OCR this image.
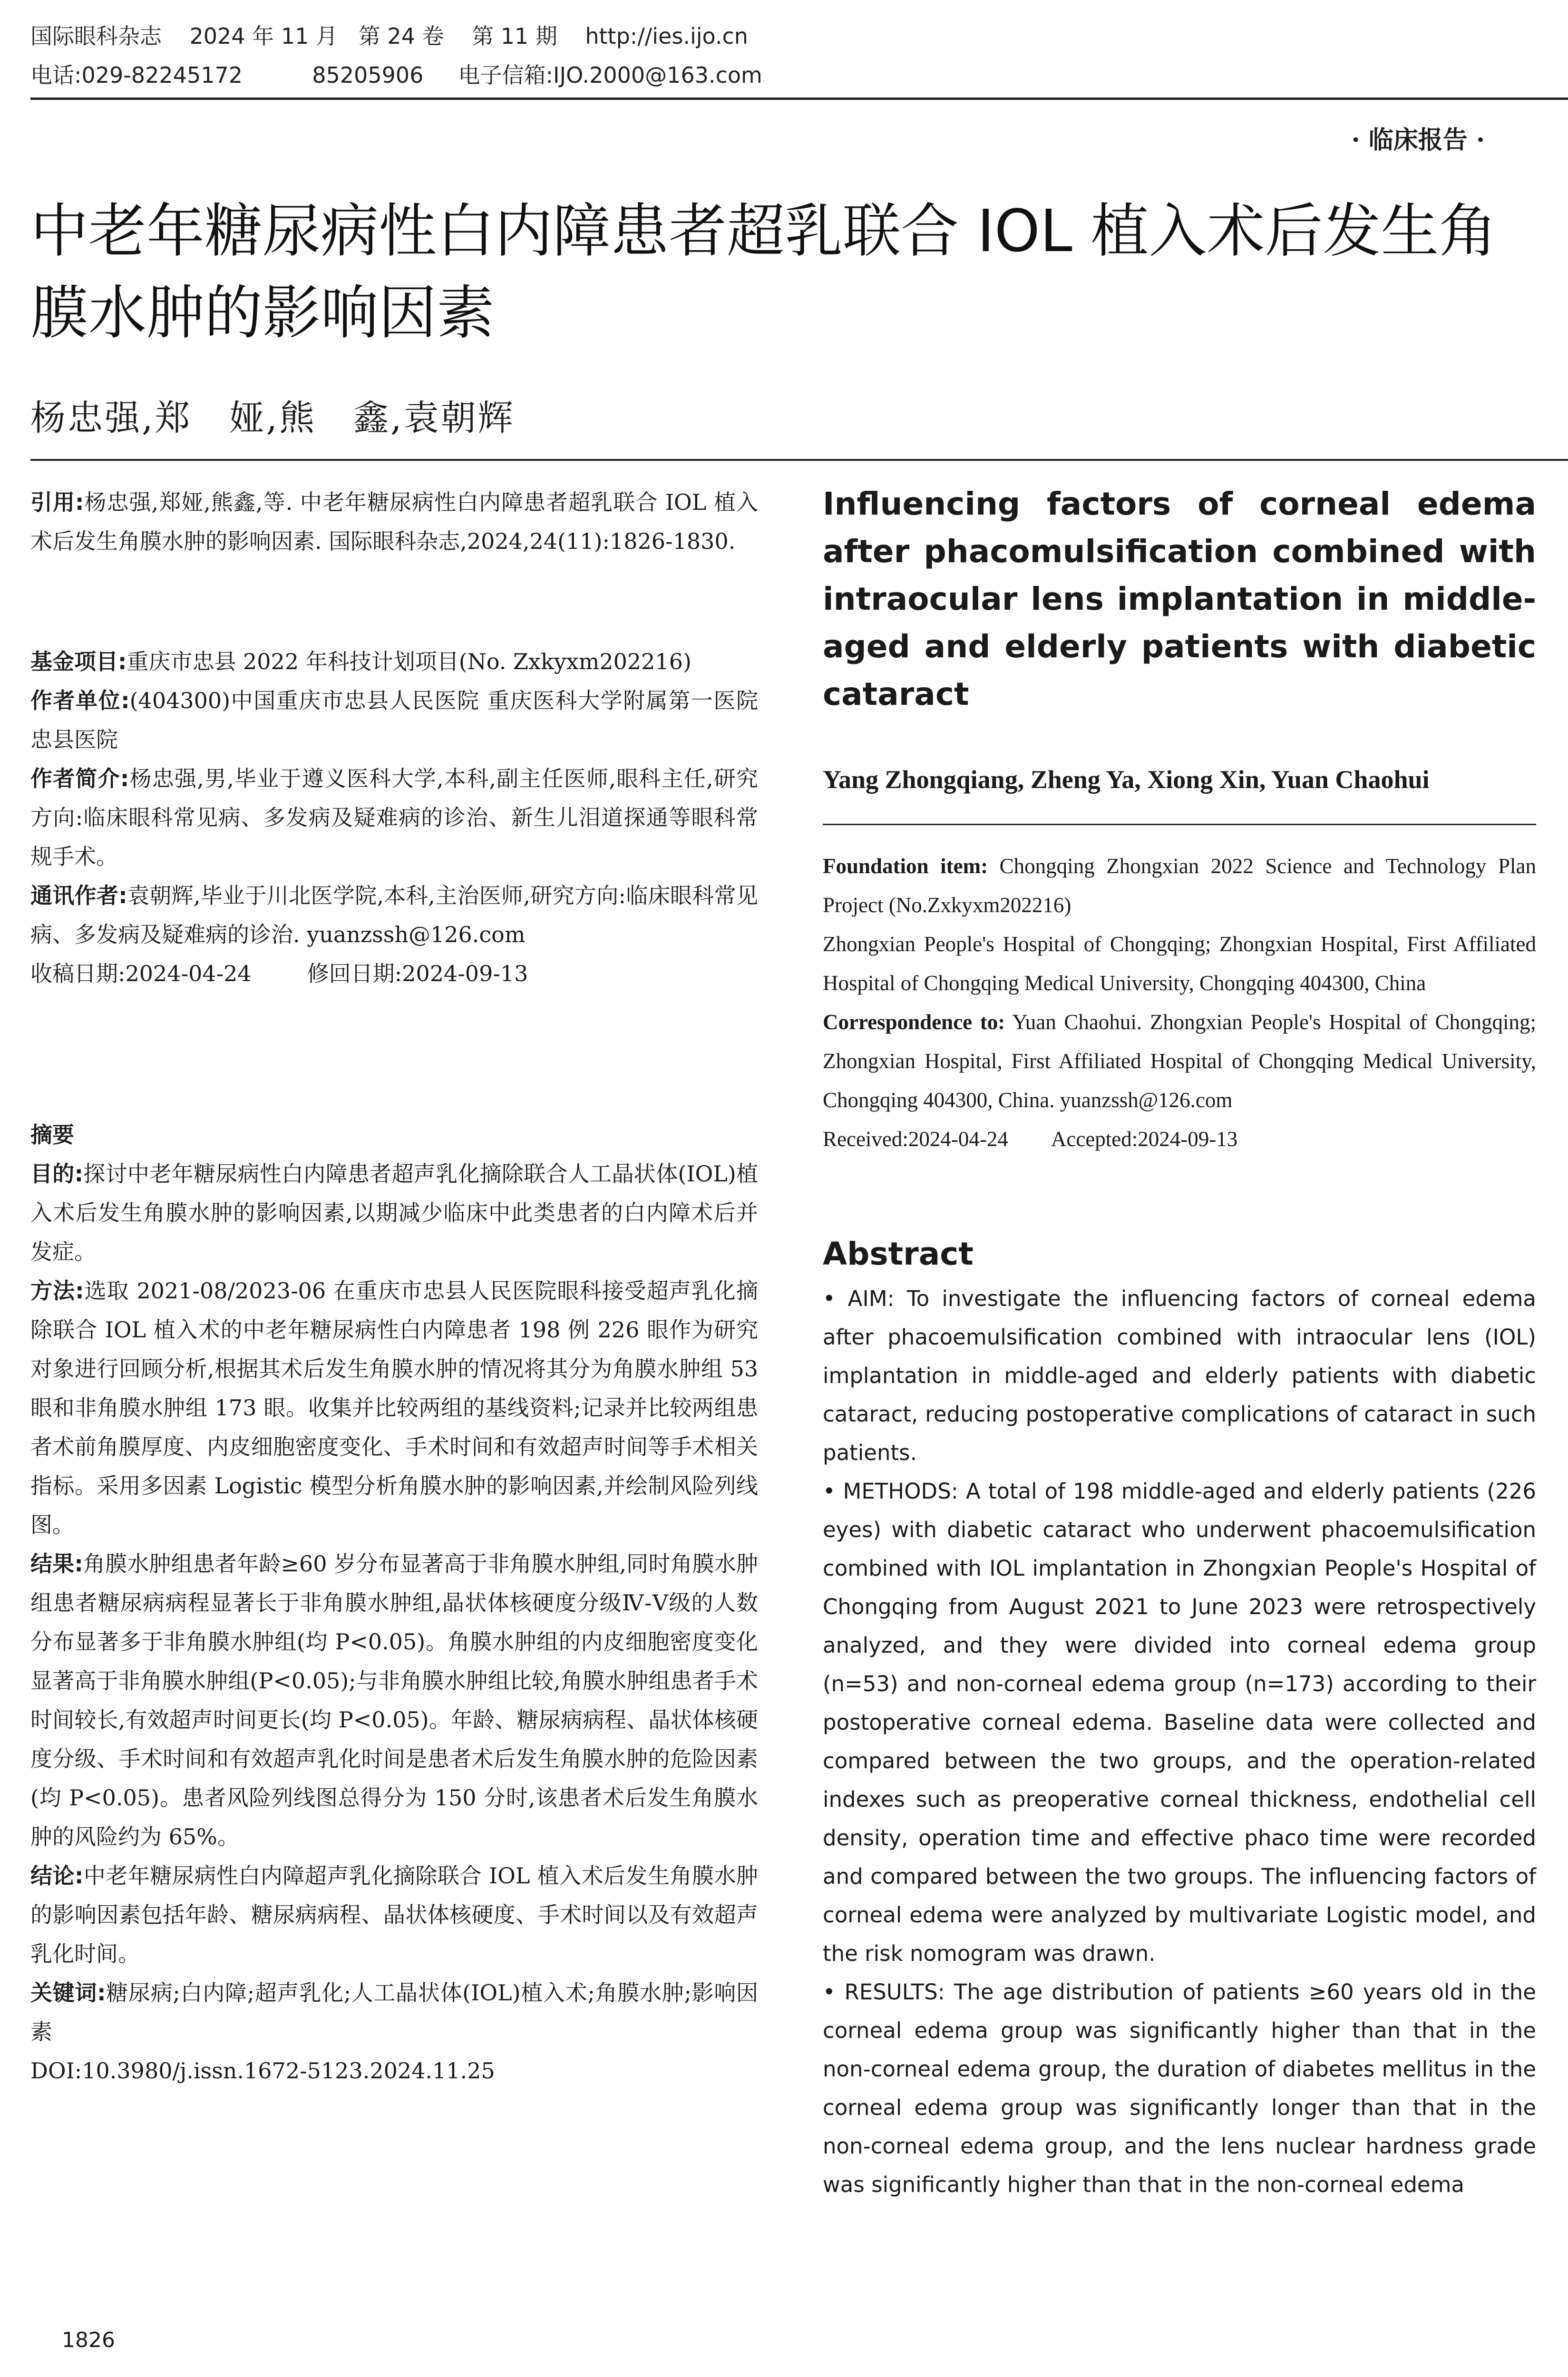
国际眼科杂志    2024 年 11 月   第 24 卷    第 11 期    http://ies.ijo.cn
电话:029-82245172          85205906     电子信箱:IJO.2000@163.com
· 临床报告 ·
中老年糖尿病性白内障患者超乳联合 IOL 植入术后发生角膜水肿的影响因素
杨忠强,郑　娅,熊　鑫,袁朝辉

引用:杨忠强,郑娅,熊鑫,等. 中老年糖尿病性白内障患者超乳联合 IOL 植入术后发生角膜水肿的影响因素. 国际眼科杂志,2024,24(11):1826-1830.

基金项目:重庆市忠县 2022 年科技计划项目(No. Zxkyxm202216)

作者单位:(404300)中国重庆市忠县人民医院 重庆医科大学附属第一医院忠县医院

作者简介:杨忠强,男,毕业于遵义医科大学,本科,副主任医师,眼科主任,研究方向:临床眼科常见病、多发病及疑难病的诊治、新生儿泪道探通等眼科常规手术。

通讯作者:袁朝辉,毕业于川北医学院,本科,主治医师,研究方向:临床眼科常见病、多发病及疑难病的诊治. yuanzssh@126.com

收稿日期:2024-04-24	修回日期:2024-09-13

摘要

目的:探讨中老年糖尿病性白内障患者超声乳化摘除联合人工晶状体(IOL)植入术后发生角膜水肿的影响因素,以期减少临床中此类患者的白内障术后并发症。

方法:选取 2021-08/2023-06 在重庆市忠县人民医院眼科接受超声乳化摘除联合 IOL 植入术的中老年糖尿病性白内障患者 198 例 226 眼作为研究对象进行回顾分析,根据其术后发生角膜水肿的情况将其分为角膜水肿组 53 眼和非角膜水肿组 173 眼。收集并比较两组的基线资料;记录并比较两组患者术前角膜厚度、内皮细胞密度变化、手术时间和有效超声时间等手术相关指标。采用多因素 Logistic 模型分析角膜水肿的影响因素,并绘制风险列线图。

结果:角膜水肿组患者年龄≥60 岁分布显著高于非角膜水肿组,同时角膜水肿组患者糖尿病病程显著长于非角膜水肿组,晶状体核硬度分级Ⅳ-Ⅴ级的人数分布显著多于非角膜水肿组(均 P<0.05)。角膜水肿组的内皮细胞密度变化显著高于非角膜水肿组(P<0.05);与非角膜水肿组比较,角膜水肿组患者手术时间较长,有效超声时间更长(均 P<0.05)。年龄、糖尿病病程、晶状体核硬度分级、手术时间和有效超声乳化时间是患者术后发生角膜水肿的危险因素(均 P<0.05)。患者风险列线图总得分为 150 分时,该患者术后发生角膜水肿的风险约为 65%。

结论:中老年糖尿病性白内障超声乳化摘除联合 IOL 植入术后发生角膜水肿的影响因素包括年龄、糖尿病病程、晶状体核硬度、手术时间以及有效超声乳化时间。

关键词:糖尿病;白内障;超声乳化;人工晶状体(IOL)植入术;角膜水肿;影响因素

DOI:10.3980/j.issn.1672-5123.2024.11.25

Influencing factors of corneal edema after phacomulsification combined with intraocular lens implantation in middle-aged and elderly patients with diabetic cataract

Yang Zhongqiang, Zheng Ya, Xiong Xin, Yuan Chaohui

Foundation item: Chongqing Zhongxian 2022 Science and Technology Plan Project (No.Zxkyxm202216)

Zhongxian People's Hospital of Chongqing; Zhongxian Hospital, First Affiliated Hospital of Chongqing Medical University, Chongqing 404300, China

Correspondence to: Yuan Chaohui. Zhongxian People's Hospital of Chongqing; Zhongxian Hospital, First Affiliated Hospital of Chongqing Medical University, Chongqing 404300, China. yuanzssh@126.com

Received:2024-04-24 Accepted:2024-09-13

Abstract

• AIM: To investigate the influencing factors of corneal edema after phacoemulsification combined with intraocular lens (IOL) implantation in middle-aged and elderly patients with diabetic cataract, reducing postoperative complications of cataract in such patients.

• METHODS: A total of 198 middle-aged and elderly patients (226 eyes) with diabetic cataract who underwent phacoemulsification combined with IOL implantation in Zhongxian People's Hospital of Chongqing from August 2021 to June 2023 were retrospectively analyzed, and they were divided into corneal edema group (n=53) and non-corneal edema group (n=173) according to their postoperative corneal edema. Baseline data were collected and compared between the two groups, and the operation-related indexes such as preoperative corneal thickness, endothelial cell density, operation time and effective phaco time were recorded and compared between the two groups. The influencing factors of corneal edema were analyzed by multivariate Logistic model, and the risk nomogram was drawn.

• RESULTS: The age distribution of patients ≥60 years old in the corneal edema group was significantly higher than that in the non-corneal edema group, the duration of diabetes mellitus in the corneal edema group was significantly longer than that in the non-corneal edema group, and the lens nuclear hardness grade was significantly higher than that in the non-corneal edema

1826
